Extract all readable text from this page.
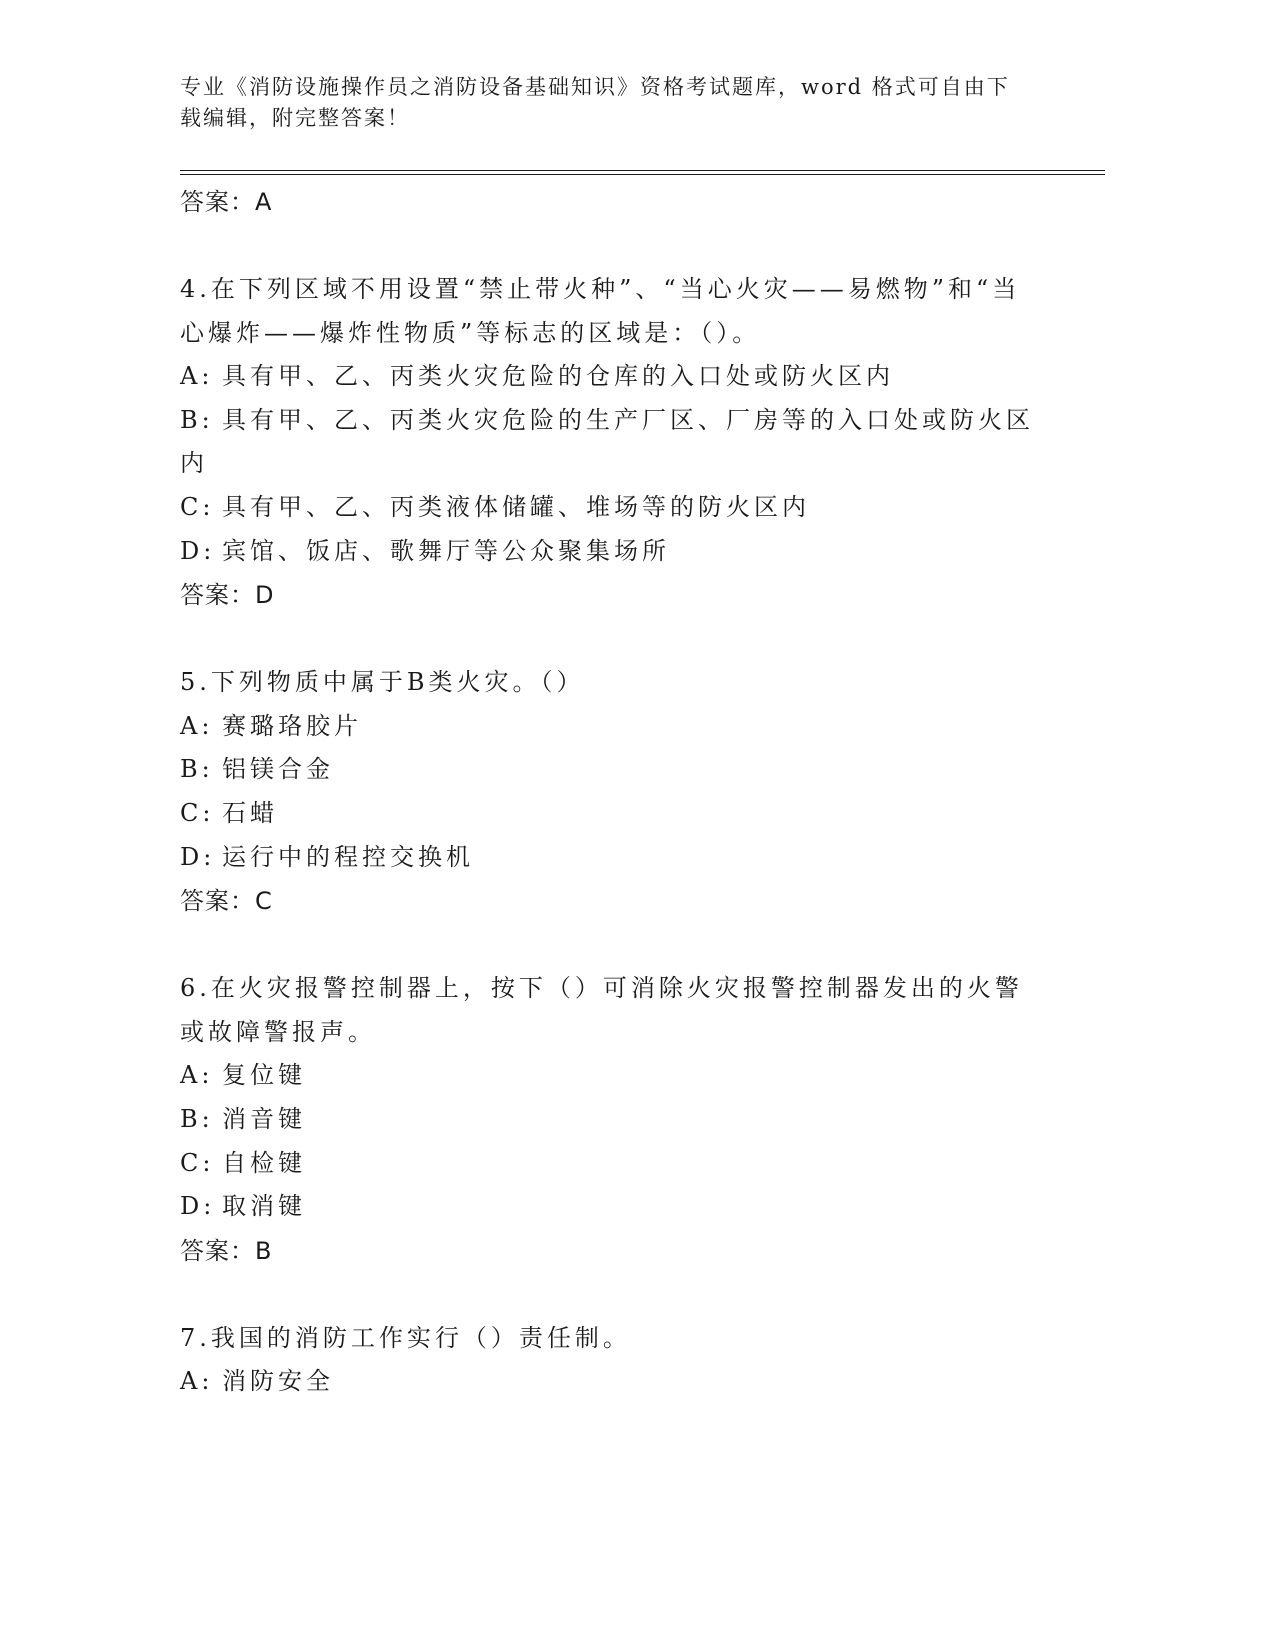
专业《消防设施操作员之消防设备基础知识》资格考试题库，word 格式可自由下
载编辑，附完整答案！
答案：A
4.在下列区域不用设置“禁止带火种”、“当心火灾——易燃物”和“当心爆炸——爆炸性物质”等标志的区域是：（）。
A: 具有甲、乙、丙类火灾危险的仓库的入口处或防火区内
B: 具有甲、乙、丙类火灾危险的生产厂区、厂房等的入口处或防火区内
C: 具有甲、乙、丙类液体储罐、堆场等的防火区内
D: 宾馆、饭店、歌舞厅等公众聚集场所
答案：D
5.下列物质中属于B类火灾。（）
A: 赛璐珞胶片
B: 铝镁合金
C: 石蜡
D: 运行中的程控交换机
答案：C
6.在火灾报警控制器上，按下（）可消除火灾报警控制器发出的火警或故障警报声。
A: 复位键
B: 消音键
C: 自检键
D: 取消键
答案：B
7.我国的消防工作实行（）责任制。
A: 消防安全
